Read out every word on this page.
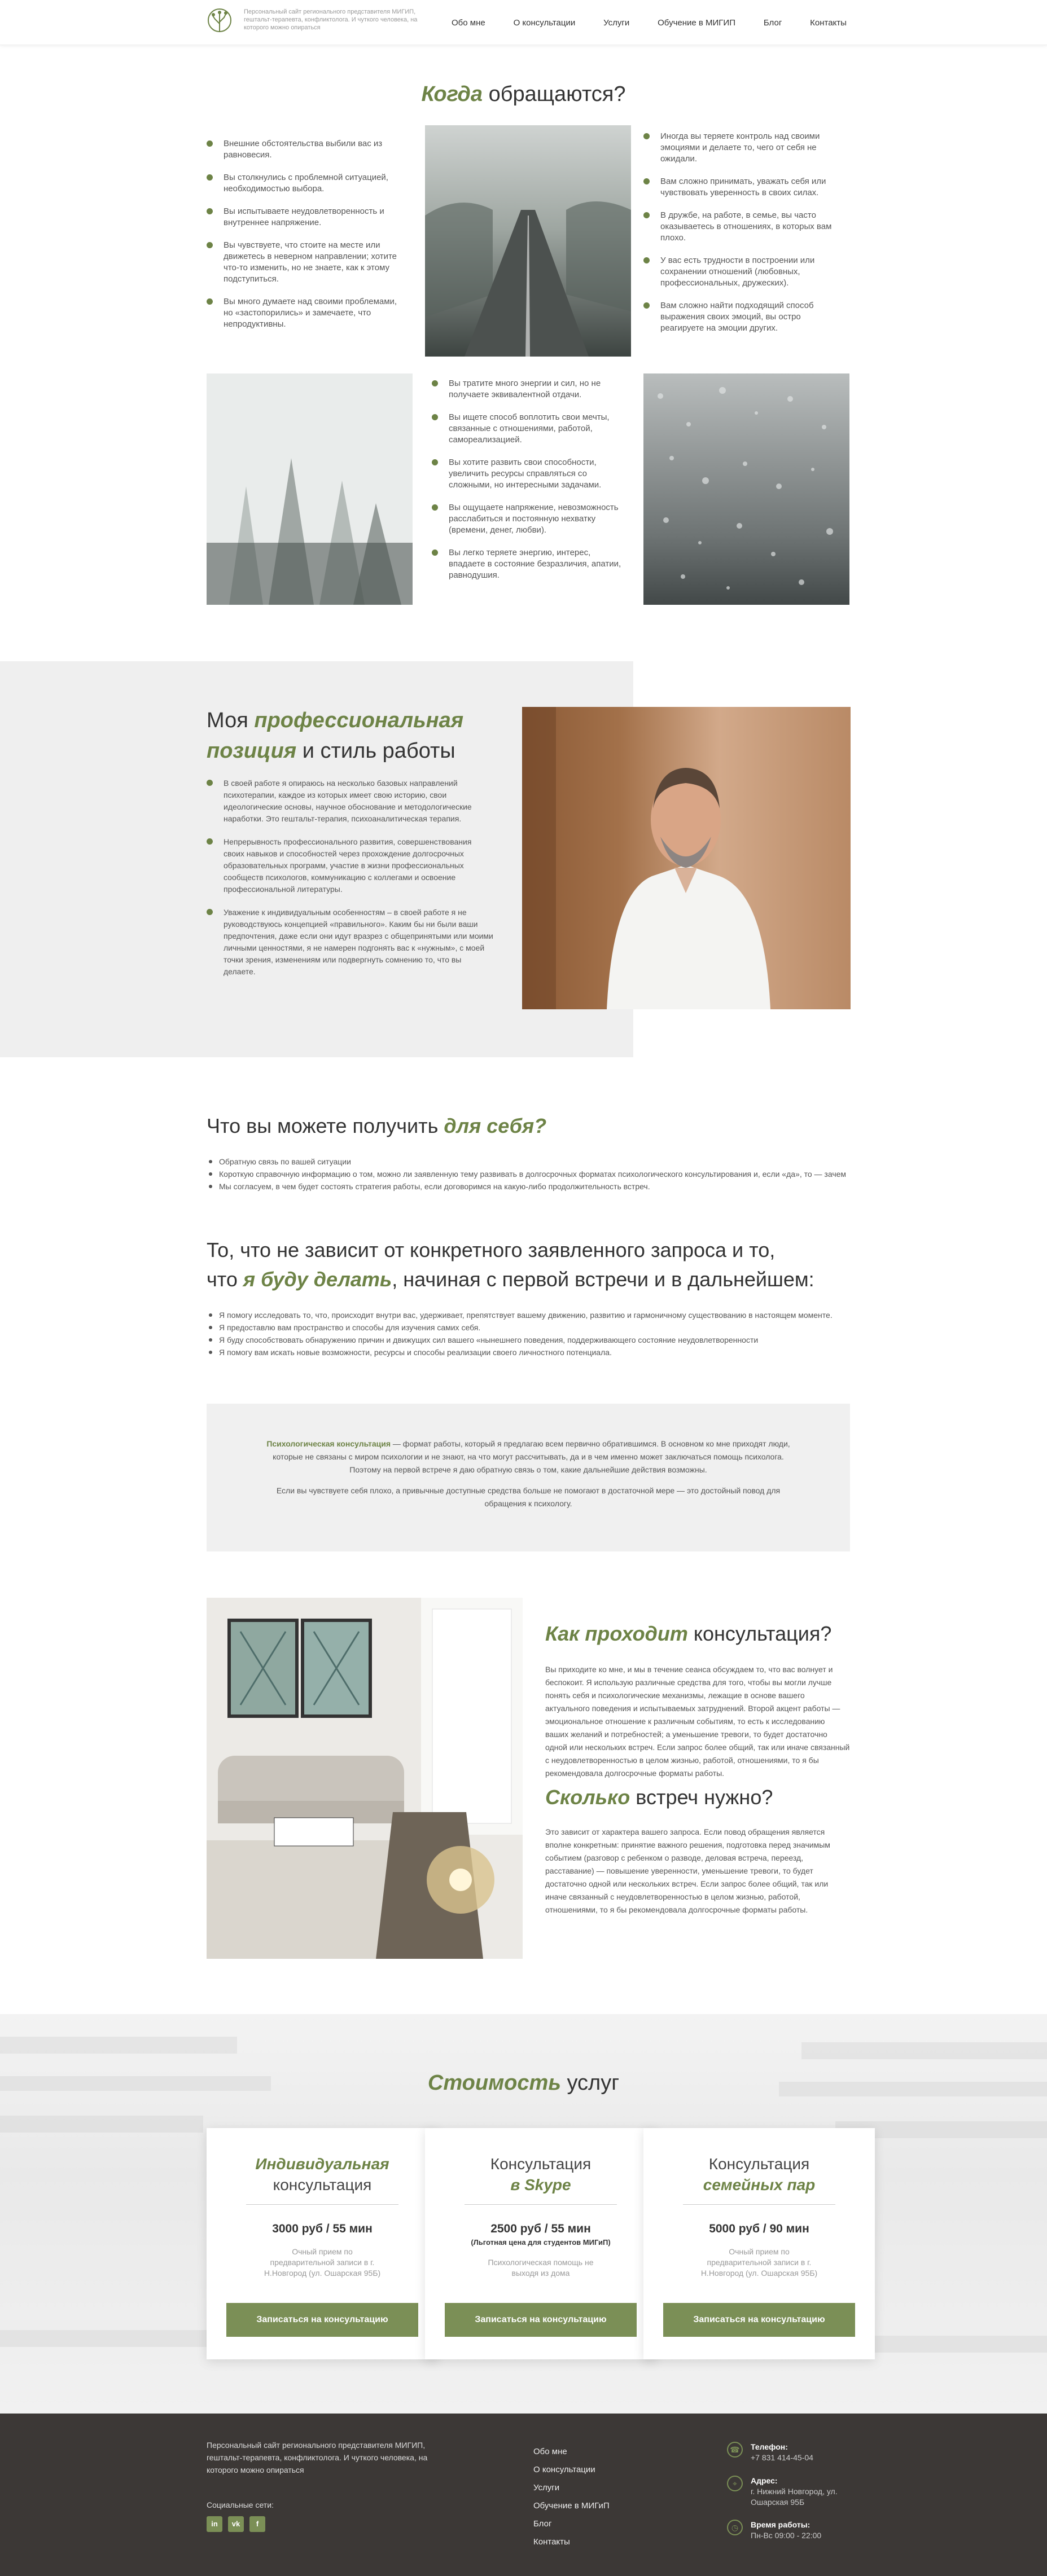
Персональный сайт регионального представителя МИГИП, гештальт-терапевта, конфликтолога. И чуткого человека, на которого можно опираться	Обо мне	О консультации	Услуги	Обучение в МИГИП	Блог	Контакты
Когда обращаются?
Внешние обстоятельства выбили вас из равновесия.
Вы столкнулись с проблемной ситуацией, необходимостью выбора.
Вы испытываете неудовлетворенность и внутреннее напряжение.
Вы чувствуете, что стоите на месте или движетесь в неверном направлении; хотите что-то изменить, но не знаете, как к этому подступиться.
Вы много думаете над своими проблемами, но «застопорились» и замечаете, что непродуктивны.
Иногда вы теряете контроль над своими эмоциями и делаете то, чего от себя не ожидали.
Вам сложно принимать, уважать себя или чувствовать уверенность в своих силах.
В дружбе, на работе, в семье, вы часто оказываетесь в отношениях, в которых вам плохо.
У вас есть трудности в построении или сохранении отношений (любовных, профессиональных, дружеских).
Вам сложно найти подходящий способ выражения своих эмоций, вы остро реагируете на эмоции других.
Вы тратите много энергии и сил, но не получаете эквивалентной отдачи.
Вы ищете способ воплотить свои мечты, связанные с отношениями, работой, самореализацией.
Вы хотите развить свои способности, увеличить ресурсы справляться со сложными, но интересными задачами.
Вы ощущаете напряжение, невозможность расслабиться и постоянную нехватку (времени, денег, любви).
Вы легко теряете энергию, интерес, впадаете в состояние безразличия, апатии, равнодушия.
Моя профессиональная позиция и стиль работы
В своей работе я опираюсь на несколько базовых направлений психотерапии, каждое из которых имеет свою историю, свои идеологические основы, научное обоснование и методологические наработки. Это гештальт-терапия, психоаналитическая терапия.
Непрерывность профессионального развития, совершенствования своих навыков и способностей через прохождение долгосрочных образовательных программ, участие в жизни профессиональных сообществ психологов, коммуникацию с коллегами и освоение профессиональной литературы.
Уважение к индивидуальным особенностям – в своей работе я не руководствуюсь концепцией «правильного». Каким бы ни были ваши предпочтения, даже если они идут вразрез с общепринятыми или моими личными ценностями, я не намерен подгонять вас к «нужным», с моей точки зрения, изменениям или подвергнуть сомнению то, что вы делаете.
Что вы можете получить для себя?
Обратную связь по вашей ситуации
Короткую справочную информацию о том, можно ли заявленную тему развивать в долгосрочных форматах психологического консультирования и, если «да», то — зачем
Мы согласуем, в чем будет состоять стратегия работы, если договоримся на какую-либо продолжительность встреч.
То, что не зависит от конкретного заявленного запроса и то,
что я буду делать, начиная с первой встречи и в дальнейшем:
Я помогу исследовать то, что, происходит внутри вас, удерживает, препятствует вашему движению, развитию и гармоничному существованию в настоящем моменте.
Я предоставлю вам пространство и способы для изучения самих себя.
Я буду способствовать обнаружению причин и движущих сил вашего «нынешнего поведения, поддерживающего состояние неудовлетворенности
Я помогу вам искать новые возможности, ресурсы и способы реализации своего личностного потенциала.

Психологическая консультация — формат работы, который я предлагаю всем первично обратившимся. В основном ко мне приходят люди, которые не связаны с миром психологии и не знают, на что могут рассчитывать, да и в чем именно может заключаться помощь психолога. Поэтому на первой встрече я даю обратную связь о том, какие дальнейшие действия возможны.

Если вы чувствуете себя плохо, а привычные доступные средства больше не помогают в достаточной мере — это достойный повод для обращения к психологу.

Как проходит консультация?

Вы приходите ко мне, и мы в течение сеанса обсуждаем то, что вас волнует и беспокоит. Я использую различные средства для того, чтобы вы могли лучше понять себя и психологические механизмы, лежащие в основе вашего актуального поведения и испытываемых затруднений. Второй акцент работы — эмоциональное отношение к различным событиям, то есть к исследованию ваших желаний и потребностей; а уменьшение тревоги, то будет достаточно одной или нескольких встреч. Если запрос более общий, так или иначе связанный с неудовлетворенностью в целом жизнью, работой, отношениями, то я бы рекомендовала долгосрочные форматы работы.

Сколько встреч нужно?

Это зависит от характера вашего запроса. Если повод обращения является вполне конкретным: принятие важного решения, подготовка перед значимым событием (разговор с ребенком о разводе, деловая встреча, переезд, расставание) — повышение уверенности, уменьшение тревоги, то будет достаточно одной или нескольких встреч. Если запрос более общий, так или иначе связанный с неудовлетворенностью в целом жизнью, работой, отношениями, то я бы рекомендовала долгосрочные форматы работы.

Стоимость услуг
Индивидуальная
консультация
3000 руб / 55 мин
Очный прием по предварительной записи в г. Н.Новгород (ул. Ошарская 95Б)
Записаться на консультацию
Консультация
в Skype
2500 руб / 55 мин
(Льготная цена для студентов МИГиП)
Психологическая помощь не выходя из дома
Записаться на консультацию
Консультация
семейных пар
5000 руб / 90 мин
Очный прием по предварительной записи в г. Н.Новгород (ул. Ошарская 95Б)
Записаться на консультацию
Персональный сайт регионального представителя МИГИП, гештальт-терапевта, конфликтолога. И чуткого человека, на которого можно опираться
Социальные сети:
in	vk	f
Обо мне
О консультации
Услуги
Обучение в МИГиП
Блог
Контакты
☎	Телефон:
+7 831 414-45-04
⌖	Адрес:
г. Нижний Новгород, ул. Ошарская 95Б
◷	Время работы:
Пн-Вс 09:00 - 22:00
